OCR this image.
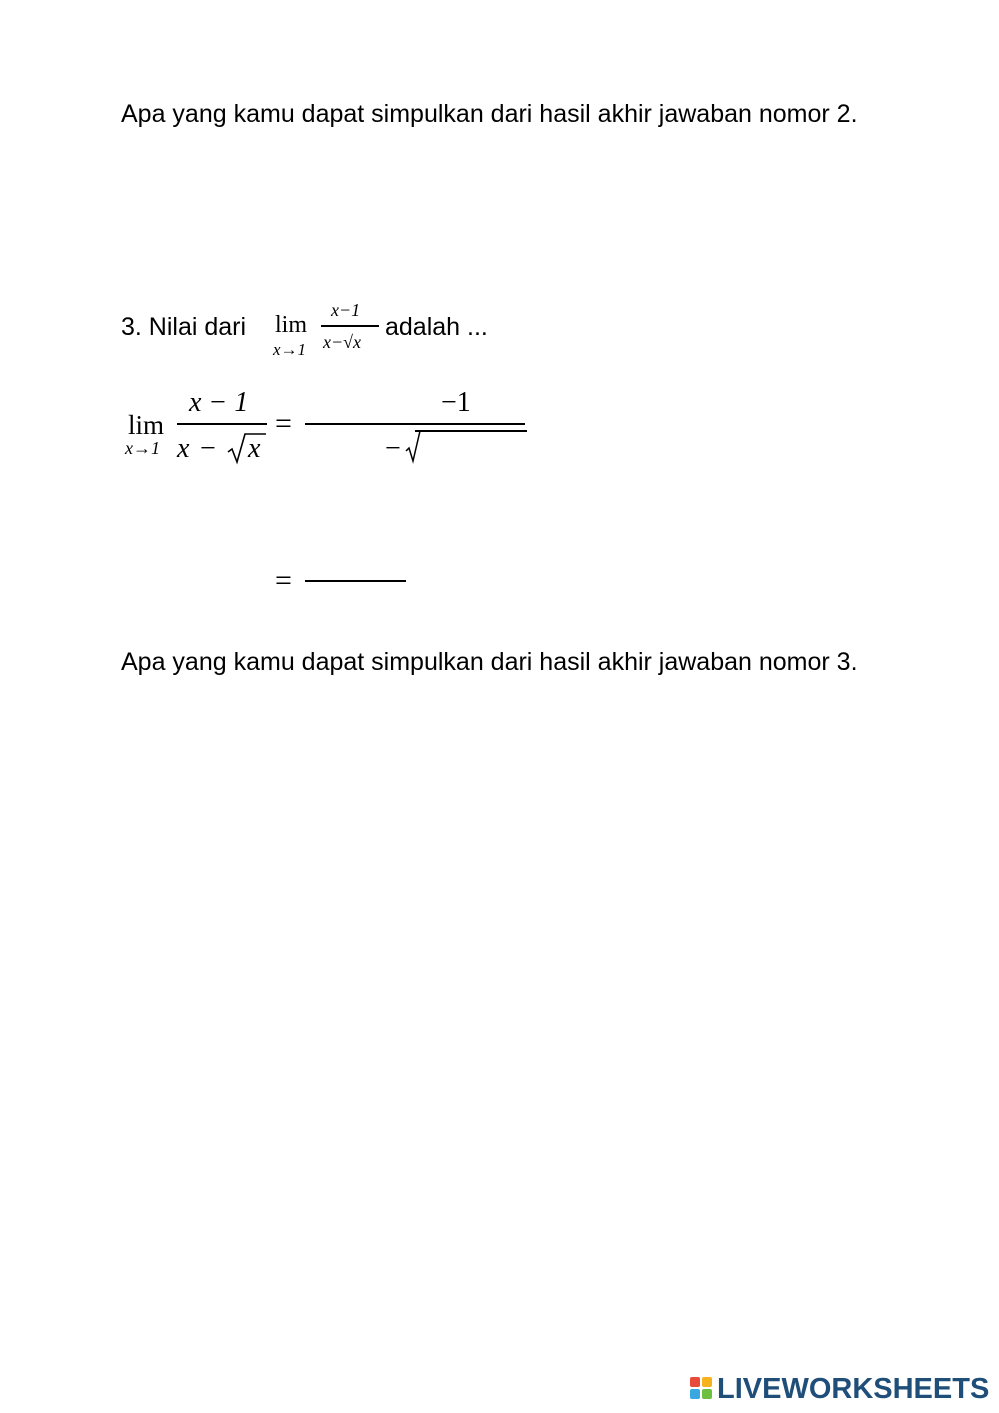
Apa yang kamu dapat simpulkan dari hasil akhir jawaban nomor 2.
3. Nilai dari lim
x→1
x−1
x−√x
adalah ...
lim
x→1
x − 1
x − x
=
−1
−
=
Apa yang kamu dapat simpulkan dari hasil akhir jawaban nomor 3.
LIVEWORKSHEETS
